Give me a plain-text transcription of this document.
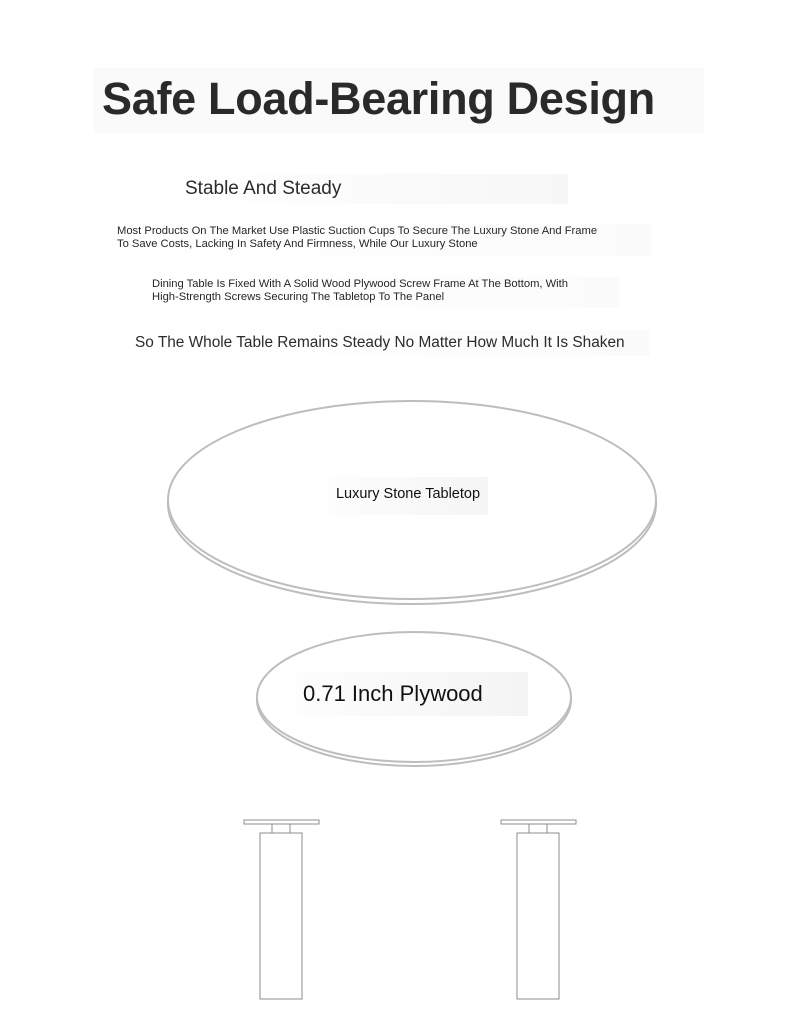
Safe Load-Bearing Design
Stable And Steady
Most Products On The Market Use Plastic Suction Cups To Secure The Luxury Stone And Frame
To Save Costs, Lacking In Safety And Firmness, While Our Luxury Stone
Dining Table Is Fixed With A Solid Wood Plywood Screw Frame At The Bottom, With
High-Strength Screws Securing The Tabletop To The Panel
So The Whole Table Remains Steady No Matter How Much It Is Shaken
Luxury Stone Tabletop
0.71 Inch Plywood
